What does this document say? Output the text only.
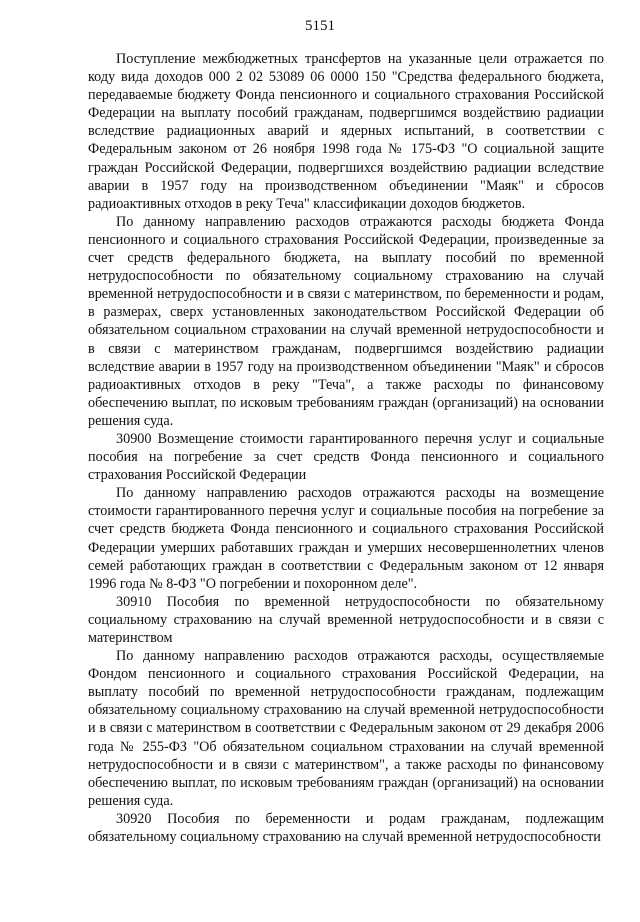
5151

Поступление межбюджетных трансфертов на указанные цели отражается по коду вида доходов 000 2 02 53089 06 0000 150 "Средства федерального бюджета, передаваемые бюджету Фонда пенсионного и социального страхования Российской Федерации на выплату пособий гражданам, подвергшимся воздействию радиации вследствие радиационных аварий и ядерных испытаний, в соответствии с Федеральным законом от 26 ноября 1998 года № 175-ФЗ "О социальной защите граждан Российской Федерации, подвергшихся воздействию радиации вследствие аварии в 1957 году на производственном объединении "Маяк" и сбросов радиоактивных отходов в реку Теча" классификации доходов бюджетов.

По данному направлению расходов отражаются расходы бюджета Фонда пенсионного и социального страхования Российской Федерации, произведенные за счет средств федерального бюджета, на выплату пособий по временной нетрудоспособности по обязательному социальному страхованию на случай временной нетрудоспособности и в связи с материнством, по беременности и родам, в размерах, сверх установленных законодательством Российской Федерации об обязательном социальном страховании на случай временной нетрудоспособности и в связи с материнством гражданам, подвергшимся воздействию радиации вследствие аварии в 1957 году на производственном объединении "Маяк" и сбросов радиоактивных отходов в реку "Теча", а также расходы по финансовому обеспечению выплат, по исковым требованиям граждан (организаций) на основании решения суда.

30900 Возмещение стоимости гарантированного перечня услуг и социальные пособия на погребение за счет средств Фонда пенсионного и социального страхования Российской Федерации

По данному направлению расходов отражаются расходы на возмещение стоимости гарантированного перечня услуг и социальные пособия на погребение за счет средств бюджета Фонда пенсионного и социального страхования Российской Федерации умерших работавших граждан и умерших несовершеннолетних членов семей работающих граждан в соответствии с Федеральным законом от 12 января 1996 года № 8-ФЗ "О погребении и похоронном деле".

30910 Пособия по временной нетрудоспособности по обязательному социальному страхованию на случай временной нетрудоспособности и в связи с материнством

По данному направлению расходов отражаются расходы, осуществляемые Фондом пенсионного и социального страхования Российской Федерации, на выплату пособий по временной нетрудоспособности гражданам, подлежащим обязательному социальному страхованию на случай временной нетрудоспособности и в связи с материнством в соответствии с Федеральным законом от 29 декабря 2006 года № 255-ФЗ "Об обязательном социальном страховании на случай временной нетрудоспособности и в связи с материнством", а также расходы по финансовому обеспечению выплат, по исковым требованиям граждан (организаций) на основании решения суда.

30920 Пособия по беременности и родам гражданам, подлежащим обязательному социальному страхованию на случай временной нетрудоспособности
